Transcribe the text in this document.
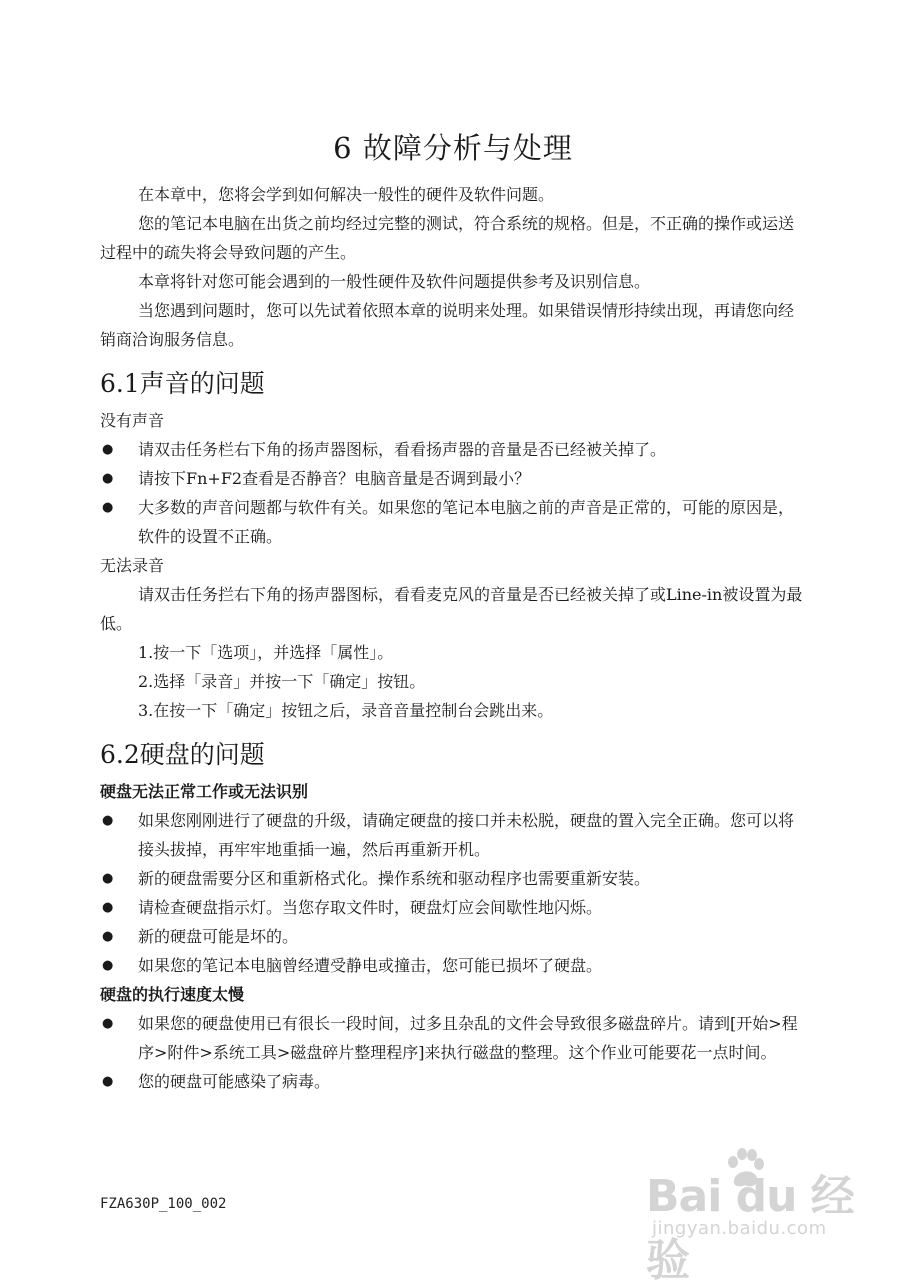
6 故障分析与处理

在本章中，您将会学到如何解决一般性的硬件及软件问题。

您的笔记本电脑在出货之前均经过完整的测试，符合系统的规格。但是，不正确的操作或运送过程中的疏失将会导致问题的产生。

本章将针对您可能会遇到的一般性硬件及软件问题提供参考及识别信息。

当您遇到问题时，您可以先试着依照本章的说明来处理。如果错误情形持续出现，再请您向经销商洽询服务信息。

6.1声音的问题

没有声音

● 请双击任务栏右下角的扬声器图标，看看扬声器的音量是否已经被关掉了。
● 请按下Fn+F2查看是否静音？电脑音量是否调到最小？
● 大多数的声音问题都与软件有关。如果您的笔记本电脑之前的声音是正常的，可能的原因是，软件的设置不正确。

无法录音

请双击任务拦右下角的扬声器图标，看看麦克风的音量是否已经被关掉了或Line-in被设置为最低。

1.按一下「选项」，并选择「属性」。

2.选择「录音」并按一下「确定」按钮。

3.在按一下「确定」按钮之后，录音音量控制台会跳出来。

6.2硬盘的问题

硬盘无法正常工作或无法识别

● 如果您刚刚进行了硬盘的升级，请确定硬盘的接口并未松脱，硬盘的置入完全正确。您可以将接头拔掉，再牢牢地重插一遍，然后再重新开机。
● 新的硬盘需要分区和重新格式化。操作系统和驱动程序也需要重新安装。
● 请检查硬盘指示灯。当您存取文件时，硬盘灯应会间歇性地闪烁。
● 新的硬盘可能是坏的。
● 如果您的笔记本电脑曾经遭受静电或撞击，您可能已损坏了硬盘。

硬盘的执行速度太慢

● 如果您的硬盘使用已有很长一段时间，过多且杂乱的文件会导致很多磁盘碎片。请到[开始>程序>附件>系统工具>磁盘碎片整理程序]来执行磁盘的整理。这个作业可能要花一点时间。
● 您的硬盘可能感染了病毒。
FZA630P_100_002	Bai du 经验
jingyan.baidu.com
